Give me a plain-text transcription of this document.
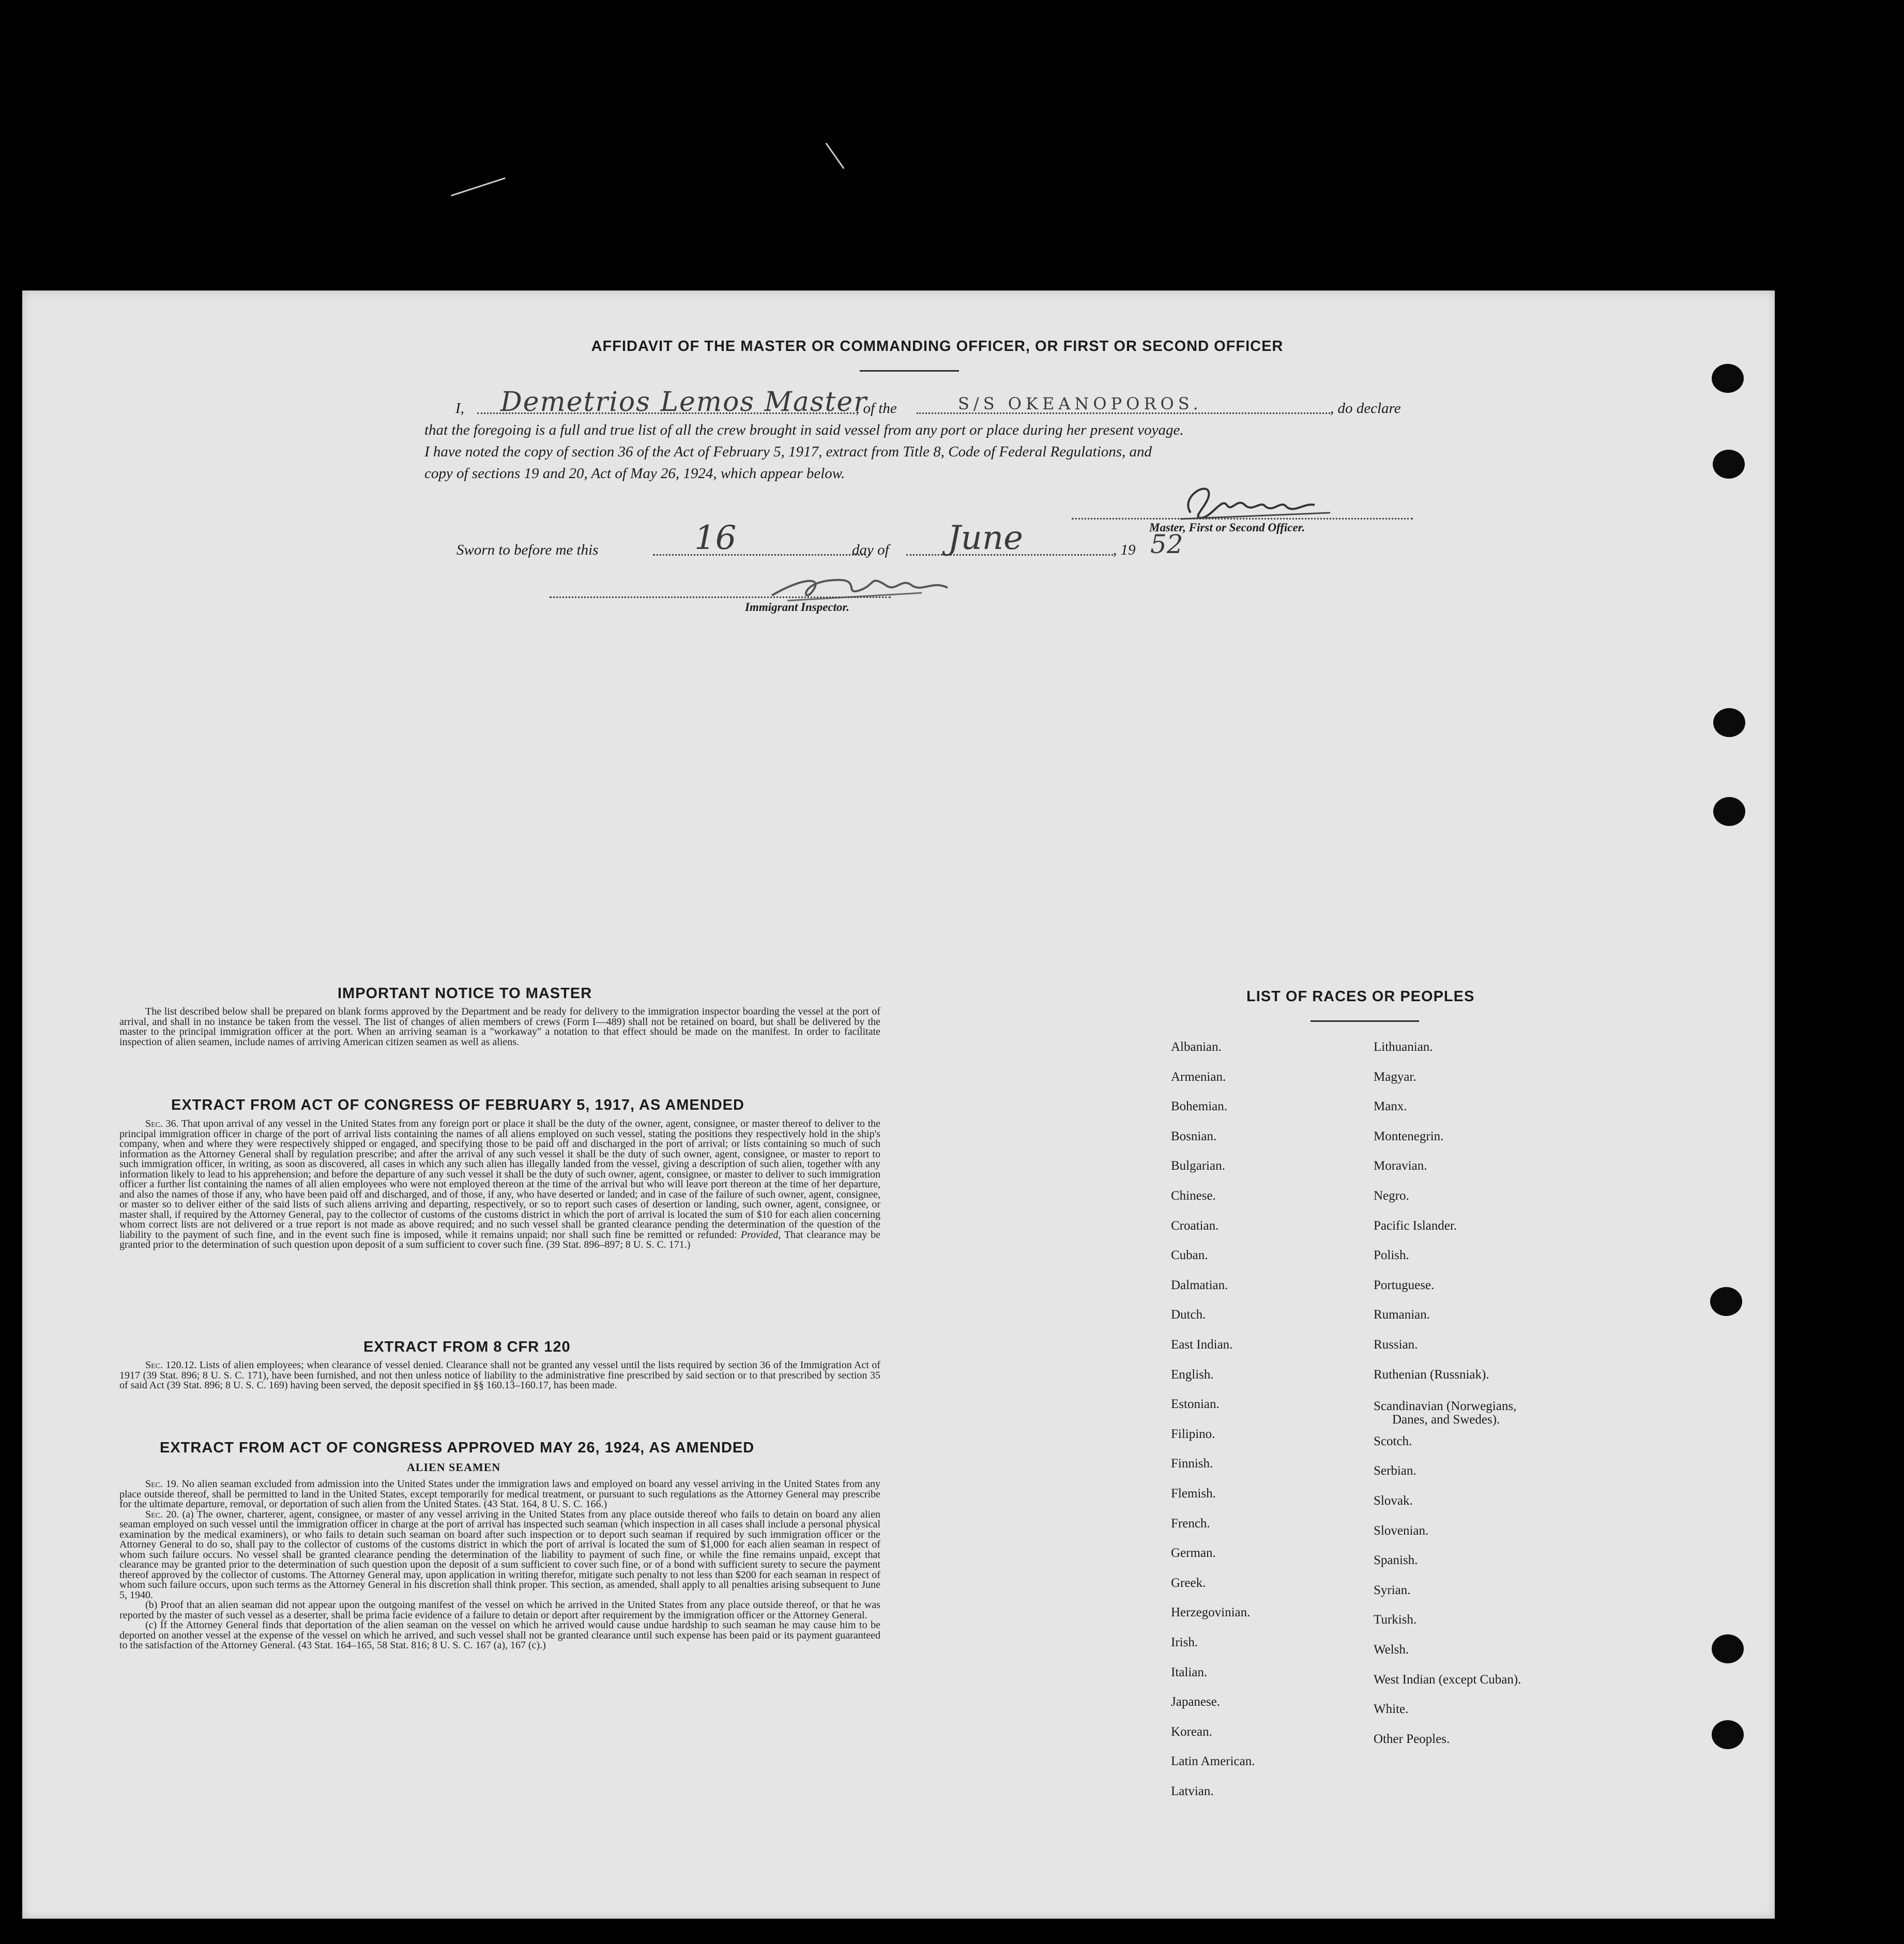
AFFIDAVIT OF THE MASTER OR COMMANDING OFFICER, OR FIRST OR SECOND OFFICER
I, Demetrios Lemos Master
, of the	S/S OKEANOPOROS.	, do declare
that the foregoing is a full and true list of all the crew brought in said vessel from any port or place during her present voyage.
I have noted the copy of section 36 of the Act of February 5, 1917, extract from Title 8, Code of Federal Regulations, and
copy of sections 19 and 20, Act of May 26, 1924, which appear below.
Master, First or Second Officer.
Sworn to before me this	16	day of June	, 19 52
Immigrant Inspector.
IMPORTANT NOTICE TO MASTER

The list described below shall be prepared on blank forms approved by the Department and be ready for delivery to the immigration inspector boarding the vessel at the port of arrival, and shall in no instance be taken from the vessel. The list of changes of alien members of crews (Form I—489) shall not be retained on board, but shall be delivered by the master to the principal immigration officer at the port. When an arriving seaman is a "workaway" a notation to that effect should be made on the manifest. In order to facilitate inspection of alien seamen, include names of arriving American citizen seamen as well as aliens.

EXTRACT FROM ACT OF CONGRESS OF FEBRUARY 5, 1917, AS AMENDED

Sec. 36. That upon arrival of any vessel in the United States from any foreign port or place it shall be the duty of the owner, agent, consignee, or master thereof to deliver to the principal immigration officer in charge of the port of arrival lists containing the names of all aliens employed on such vessel, stating the positions they respectively hold in the ship's company, when and where they were respectively shipped or engaged, and specifying those to be paid off and discharged in the port of arrival; or lists containing so much of such information as the Attorney General shall by regulation prescribe; and after the arrival of any such vessel it shall be the duty of such owner, agent, consignee, or master to report to such immigration officer, in writing, as soon as discovered, all cases in which any such alien has illegally landed from the vessel, giving a description of such alien, together with any information likely to lead to his apprehension; and before the departure of any such vessel it shall be the duty of such owner, agent, consignee, or master to deliver to such immigration officer a further list containing the names of all alien employees who were not employed thereon at the time of the arrival but who will leave port thereon at the time of her departure, and also the names of those if any, who have been paid off and discharged, and of those, if any, who have deserted or landed; and in case of the failure of such owner, agent, consignee, or master so to deliver either of the said lists of such aliens arriving and departing, respectively, or so to report such cases of desertion or landing, such owner, agent, consignee, or master shall, if required by the Attorney General, pay to the collector of customs of the customs district in which the port of arrival is located the sum of $10 for each alien concerning whom correct lists are not delivered or a true report is not made as above required; and no such vessel shall be granted clearance pending the determination of the question of the liability to the payment of such fine, and in the event such fine is imposed, while it remains unpaid; nor shall such fine be remitted or refunded: Provided, That clearance may be granted prior to the determination of such question upon deposit of a sum sufficient to cover such fine. (39 Stat. 896–897; 8 U. S. C. 171.)

EXTRACT FROM 8 CFR 120

Sec. 120.12. Lists of alien employees; when clearance of vessel denied. Clearance shall not be granted any vessel until the lists required by section 36 of the Immigration Act of 1917 (39 Stat. 896; 8 U. S. C. 171), have been furnished, and not then unless notice of liability to the administrative fine prescribed by said section or to that prescribed by section 35 of said Act (39 Stat. 896; 8 U. S. C. 169) having been served, the deposit specified in §§ 160.13–160.17, has been made.

EXTRACT FROM ACT OF CONGRESS APPROVED MAY 26, 1924, AS AMENDED
ALIEN SEAMEN

Sec. 19. No alien seaman excluded from admission into the United States under the immigration laws and employed on board any vessel arriving in the United States from any place outside thereof, shall be permitted to land in the United States, except temporarily for medical treatment, or pursuant to such regulations as the Attorney General may prescribe for the ultimate departure, removal, or deportation of such alien from the United States. (43 Stat. 164, 8 U. S. C. 166.)

Sec. 20. (a) The owner, charterer, agent, consignee, or master of any vessel arriving in the United States from any place outside thereof who fails to detain on board any alien seaman employed on such vessel until the immigration officer in charge at the port of arrival has inspected such seaman (which inspection in all cases shall include a personal physical examination by the medical examiners), or who fails to detain such seaman on board after such inspection or to deport such seaman if required by such immigration officer or the Attorney General to do so, shall pay to the collector of customs of the customs district in which the port of arrival is located the sum of $1,000 for each alien seaman in respect of whom such failure occurs. No vessel shall be granted clearance pending the determination of the liability to payment of such fine, or while the fine remains unpaid, except that clearance may be granted prior to the determination of such question upon the deposit of a sum sufficient to cover such fine, or of a bond with sufficient surety to secure the payment thereof approved by the collector of customs. The Attorney General may, upon application in writing therefor, mitigate such penalty to not less than $200 for each seaman in respect of whom such failure occurs, upon such terms as the Attorney General in his discretion shall think proper. This section, as amended, shall apply to all penalties arising subsequent to June 5, 1940.

(b) Proof that an alien seaman did not appear upon the outgoing manifest of the vessel on which he arrived in the United States from any place outside thereof, or that he was reported by the master of such vessel as a deserter, shall be prima facie evidence of a failure to detain or deport after requirement by the immigration officer or the Attorney General.

(c) If the Attorney General finds that deportation of the alien seaman on the vessel on which he arrived would cause undue hardship to such seaman he may cause him to be deported on another vessel at the expense of the vessel on which he arrived, and such vessel shall not be granted clearance until such expense has been paid or its payment guaranteed to the satisfaction of the Attorney General. (43 Stat. 164–165, 58 Stat. 816; 8 U. S. C. 167 (a), 167 (c).)

LIST OF RACES OR PEOPLES
Albanian.
Armenian.
Bohemian.
Bosnian.
Bulgarian.
Chinese.
Croatian.
Cuban.
Dalmatian.
Dutch.
East Indian.
English.
Estonian.
Filipino.
Finnish.
Flemish.
French.
German.
Greek.
Herzegovinian.
Irish.
Italian.
Japanese.
Korean.
Latin American.
Latvian.
Lithuanian.
Magyar.
Manx.
Montenegrin.
Moravian.
Negro.
Pacific Islander.
Polish.
Portuguese.
Rumanian.
Russian.
Ruthenian (Russniak).
Scandinavian (Norwegians,
Danes, and Swedes).
Scotch.
Serbian.
Slovak.
Slovenian.
Spanish.
Syrian.
Turkish.
Welsh.
West Indian (except Cuban).
White.
Other Peoples.
